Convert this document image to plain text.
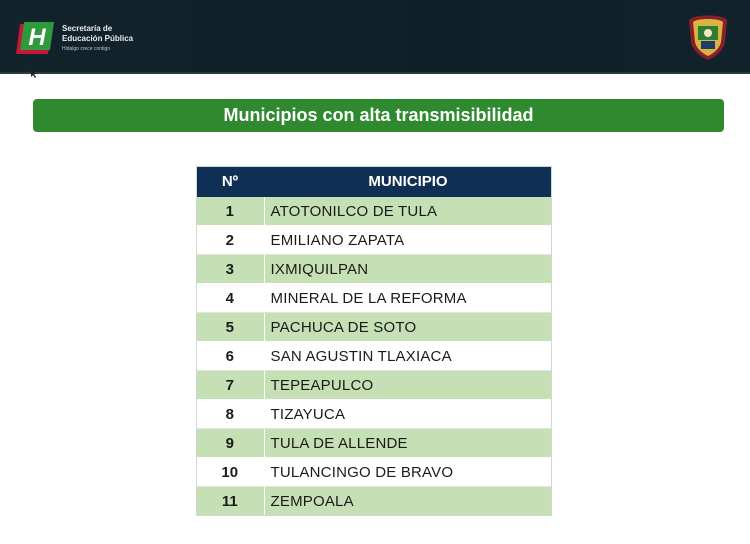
H Secretaría de
Educación Pública
Hidalgo crece contigo
Municipios con alta transmisibilidad
Nº	MUNICIPIO
1	ATOTONILCO DE TULA
2	EMILIANO ZAPATA
3	IXMIQUILPAN
4	MINERAL DE LA REFORMA
5	PACHUCA DE SOTO
6	SAN AGUSTIN TLAXIACA
7	TEPEAPULCO
8	TIZAYUCA
9	TULA DE ALLENDE
10	TULANCINGO DE BRAVO
11	ZEMPOALA
